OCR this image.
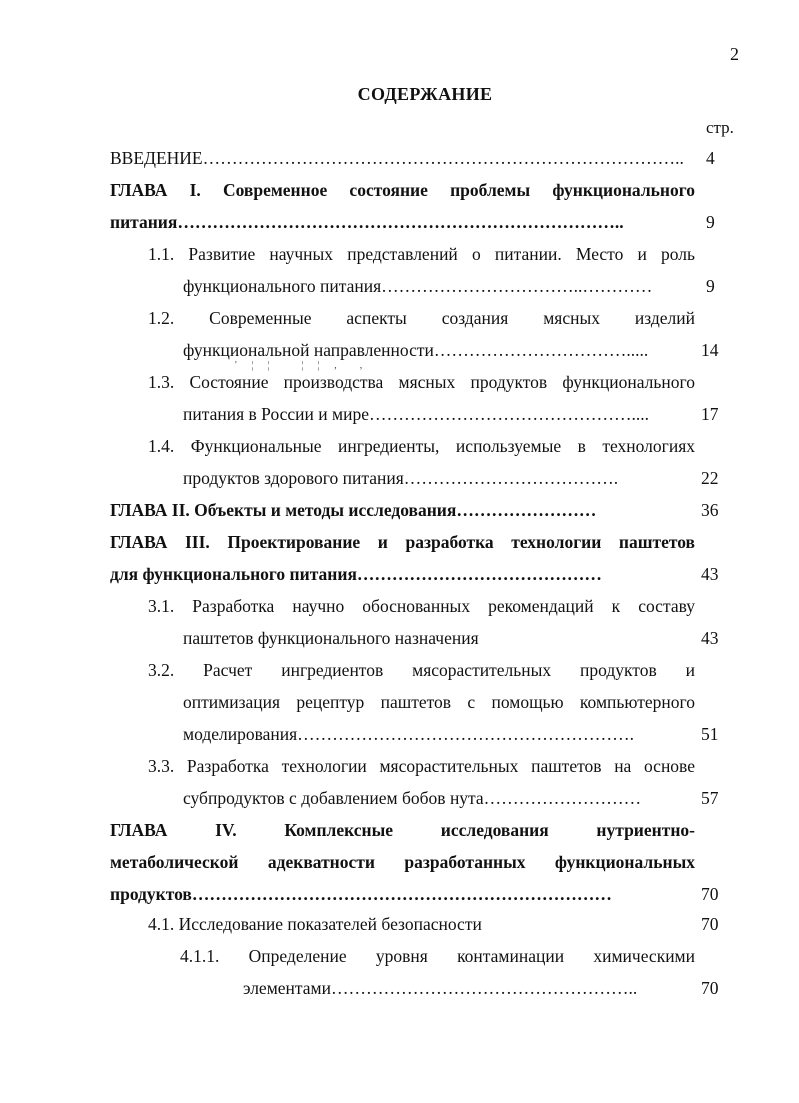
2
СОДЕРЖАНИЕ
стр.
ВВЕДЕНИЕ………………………………………………………………………..	4
ГЛАВА I. Современное состояние проблемы функционального
питания…………………………………………………………………..	9
1.1. Развитие научных представлений о питании. Место и роль
функционального питания……………………………..…………	9
1.2. Современные аспекты создания мясных изделий
функциональной направленности…………………………….....	14
' ¦ ¦   ¦ ¦ ,  ,
1.3. Состояние производства мясных продуктов функционального
питания в России и мире………………………………………....	17
1.4. Функциональные ингредиенты, используемые в технологиях
продуктов здорового питания……………………………….	22
ГЛАВА II. Объекты и методы исследования……………………	36
ГЛАВА III. Проектирование и разработка технологии паштетов
для функционального питания……………………………………	43
3.1. Разработка научно обоснованных рекомендаций к составу
паштетов функционального назначения	43
3.2. Расчет ингредиентов мясорастительных продуктов и
оптимизация рецептур паштетов с помощью компьютерного
моделирования………………………………………………….	51
3.3. Разработка технологии мясорастительных паштетов на основе
субпродуктов с добавлением бобов нута………………………	57
ГЛАВА IV. Комплексные исследования нутриентно-
метаболической адекватности разработанных функциональных
продуктов………………………………………………………………	70
4.1. Исследование показателей безопасности	70
4.1.1. Определение уровня контаминации химическими
элементами……………………………………………..	70
